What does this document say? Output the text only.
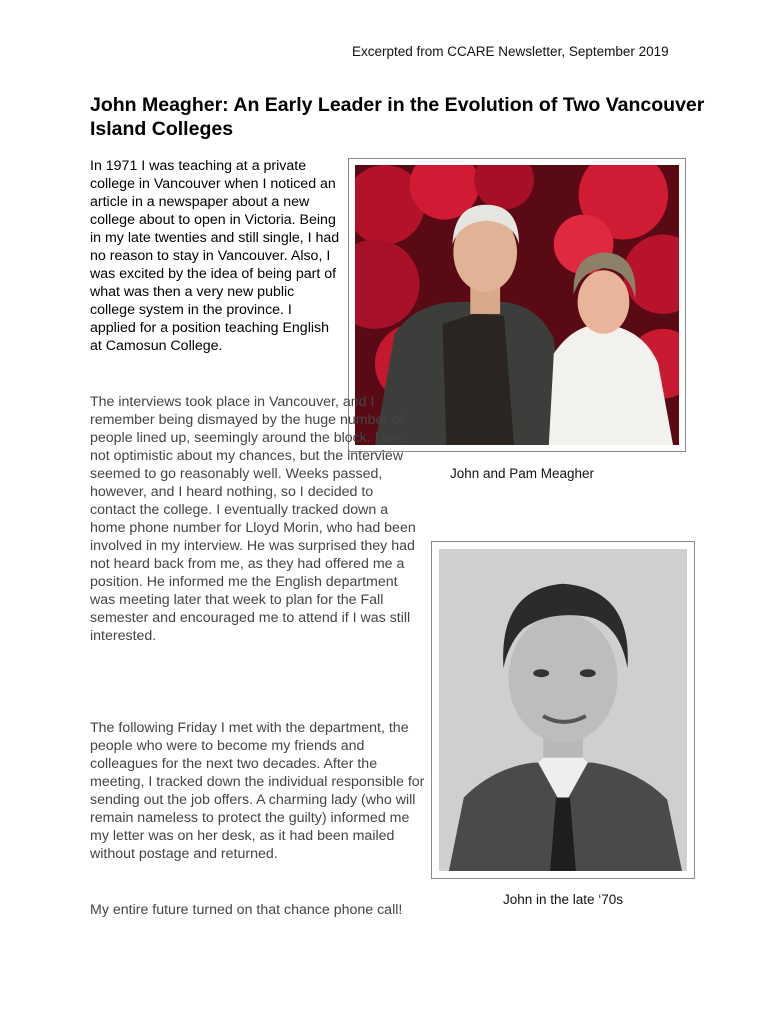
Excerpted from CCARE Newsletter, September 2019
John Meagher: An Early Leader in the Evolution of Two Vancouver Island Colleges

In 1971 I was teaching at a private college in Vancouver when I noticed an article in a newspaper about a new college about to open in Victoria. Being in my late twenties and still single, I had no reason to stay in Vancouver. Also, I was excited by the idea of being part of what was then a very new public college system in the province. I applied for a position teaching English at Camosun College.

John and Pam Meagher

The interviews took place in Vancouver, and I remember being dismayed by the huge number of people lined up, seemingly around the block. I was not optimistic about my chances, but the interview seemed to go reasonably well. Weeks passed, however, and I heard nothing, so I decided to contact the college. I eventually tracked down a home phone number for Lloyd Morin, who had been involved in my interview. He was surprised they had not heard back from me, as they had offered me a position. He informed me the English department was meeting later that week to plan for the Fall semester and encouraged me to attend if I was still interested.

The following Friday I met with the department, the people who were to become my friends and colleagues for the next two decades. After the meeting, I tracked down the individual responsible for sending out the job offers. A charming lady (who will remain nameless to protect the guilty) informed me my letter was on her desk, as it had been mailed without postage and returned.

John in the late ‘70s

My entire future turned on that chance phone call!
